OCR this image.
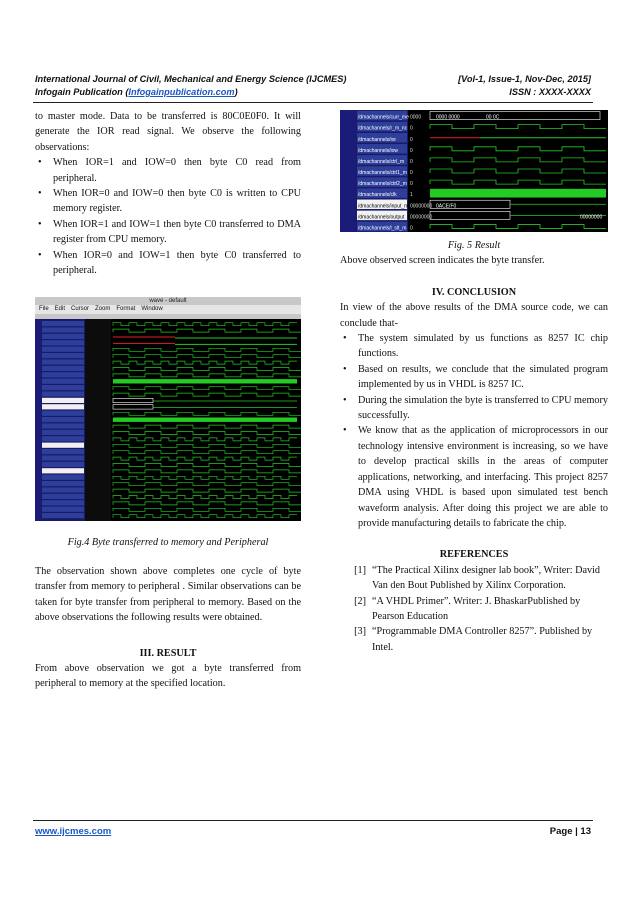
International Journal of Civil, Mechanical and Energy Science (IJCMES)	[Vol-1, Issue-1, Nov-Dec, 2015]
Infogain Publication (Infogainpublication.com)	ISSN : XXXX-XXXX

to master mode. Data to be transferred is 80C0E0F0. It will generate the IOR read signal. We observe the following observations:

• When IOR=1 and IOW=0 then byte C0 read from peripheral.
• When IOR=0 and IOW=0 then byte C0 is written to CPU memory register.
• When IOR=1 and IOW=1 then byte C0 transferred to DMA register from CPU memory.
• When IOR=0 and IOW=1 then byte C0 transferred to peripheral.
wave - default
File Edit Cursor Zoom Format Window
Fig.4 Byte transferred to memory and Peripheral

The observation shown above completes one cycle of byte transfer from memory to peripheral . Similar observations can be taken for byte transfer from peripheral to memory. Based on the above observations the following results were obtained.

III. RESULT

From above observation we got a byte transferred from peripheral to memory at the specified location.

/dmachannels/curr_me 0000
/dmachannels/r_m_nc 0
/dmachannels/ior	0
/dmachannels/iow 0
/dmachannels/ctrl_m 0
/dmachannels/ctrl1_m 0
/dmachannels/ctrl2_m 0
/dmachannels/clk	1
/dmachannels/input_m 00000000
/dmachannels/output 00000000
/dmachannels/l_slt_m 0
0000 0000	00 0C
0ACE/F0
00000000

Fig. 5 Result

Above observed screen indicates the byte transfer.

IV. CONCLUSION

In view of the above results of the DMA source code, we can conclude that-

• The system simulated by us functions as 8257 IC chip functions.
• Based on results, we conclude that the simulated program implemented by us in VHDL is 8257 IC.
• During the simulation the byte is transferred to CPU memory successfully.
• We know that as the application of microprocessors in our technology intensive environment is increasing, so we have to develop practical skills in the areas of computer applications, networking, and interfacing. This project 8257 DMA using VHDL is based upon simulated test bench waveform analysis. After doing this project we are able to provide manufacturing details to fabricate the chip.

REFERENCES

[1] “The Practical Xilinx designer lab book”, Writer: David Van den Bout Published by Xilinx Corporation.
[2] “A VHDL Primer”. Writer: J. BhaskarPublished by Pearson Education
[3] “Programmable DMA Controller 8257”. Published by Intel.
www.ijcmes.com	Page | 13
